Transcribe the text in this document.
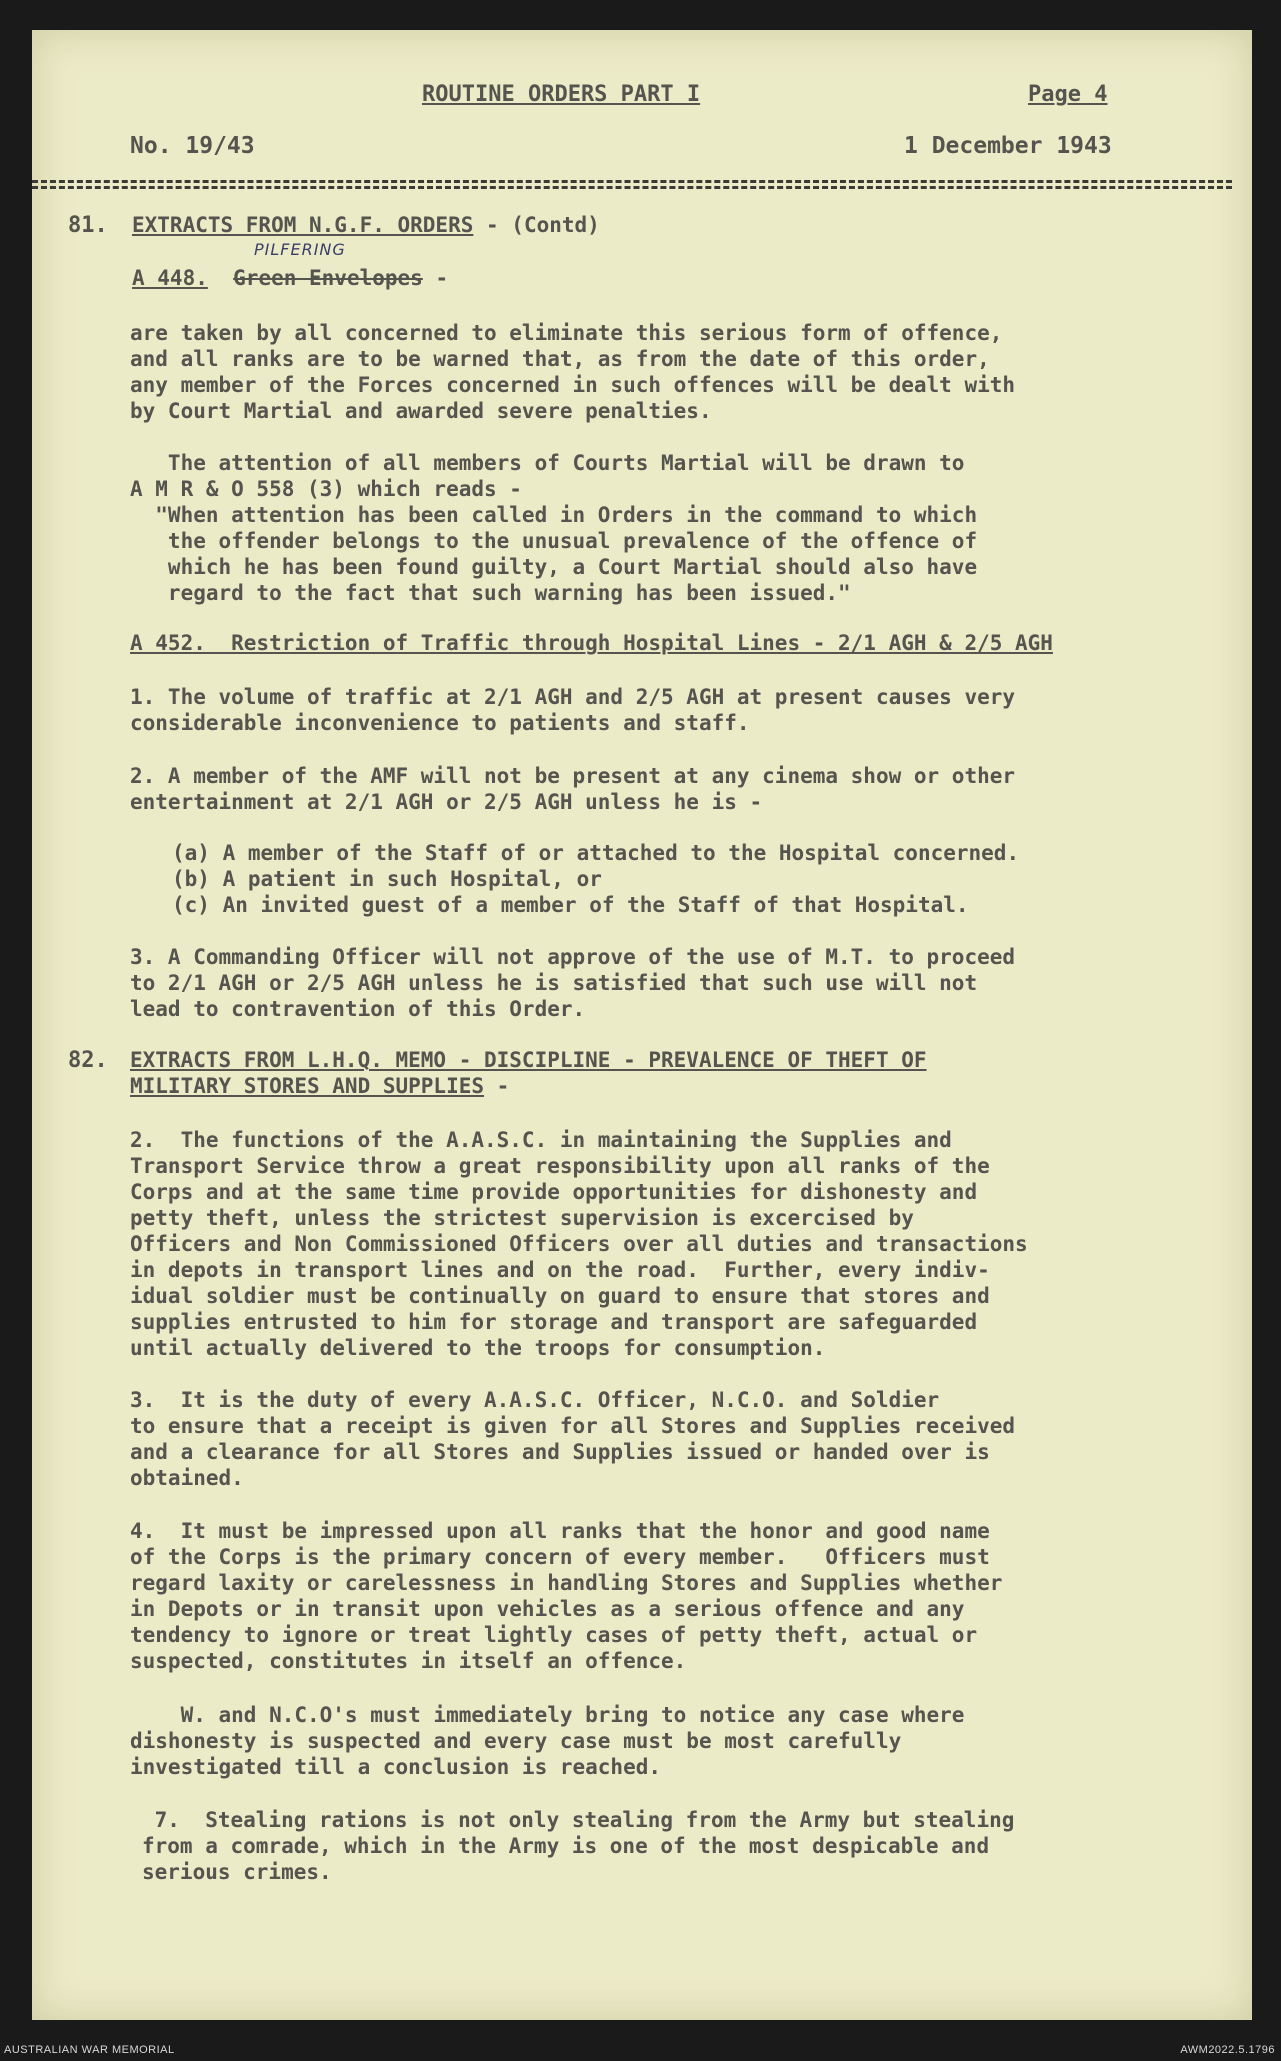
ROUTINE ORDERS PART I	Page 4
No. 19/43	1 December 1943
81. EXTRACTS FROM N.G.F. ORDERS - (Contd)
PILFERING
A 448. Green Envelopes -
are taken by all concerned to eliminate this serious form of offence,
and all ranks are to be warned that, as from the date of this order,
any member of the Forces concerned in such offences will be dealt with
by Court Martial and awarded severe penalties.
The attention of all members of Courts Martial will be drawn to
A M R & O 558 (3) which reads -
"When attention has been called in Orders in the command to which
the offender belongs to the unusual prevalence of the offence of
which he has been found guilty, a Court Martial should also have
regard to the fact that such warning has been issued."
A 452.  Restriction of Traffic through Hospital Lines - 2/1 AGH & 2/5 AGH
1. The volume of traffic at 2/1 AGH and 2/5 AGH at present causes very
considerable inconvenience to patients and staff.
2. A member of the AMF will not be present at any cinema show or other
entertainment at 2/1 AGH or 2/5 AGH unless he is -
(a) A member of the Staff of or attached to the Hospital concerned.
(b) A patient in such Hospital, or
(c) An invited guest of a member of the Staff of that Hospital.
3. A Commanding Officer will not approve of the use of M.T. to proceed
to 2/1 AGH or 2/5 AGH unless he is satisfied that such use will not
lead to contravention of this Order.
82. EXTRACTS FROM L.H.Q. MEMO - DISCIPLINE - PREVALENCE OF THEFT OF
MILITARY STORES AND SUPPLIES -
2.  The functions of the A.A.S.C. in maintaining the Supplies and
Transport Service throw a great responsibility upon all ranks of the
Corps and at the same time provide opportunities for dishonesty and
petty theft, unless the strictest supervision is excercised by
Officers and Non Commissioned Officers over all duties and transactions
in depots in transport lines and on the road.  Further, every indiv-
idual soldier must be continually on guard to ensure that stores and
supplies entrusted to him for storage and transport are safeguarded
until actually delivered to the troops for consumption.
3.  It is the duty of every A.A.S.C. Officer, N.C.O. and Soldier
to ensure that a receipt is given for all Stores and Supplies received
and a clearance for all Stores and Supplies issued or handed over is
obtained.
4.  It must be impressed upon all ranks that the honor and good name
of the Corps is the primary concern of every member.   Officers must
regard laxity or carelessness in handling Stores and Supplies whether
in Depots or in transit upon vehicles as a serious offence and any
tendency to ignore or treat lightly cases of petty theft, actual or
suspected, constitutes in itself an offence.
W. and N.C.O's must immediately bring to notice any case where
dishonesty is suspected and every case must be most carefully
investigated till a conclusion is reached.
7.  Stealing rations is not only stealing from the Army but stealing
from a comrade, which in the Army is one of the most despicable and
serious crimes.
AUSTRALIAN WAR MEMORIAL	AWM2022.5.1796
